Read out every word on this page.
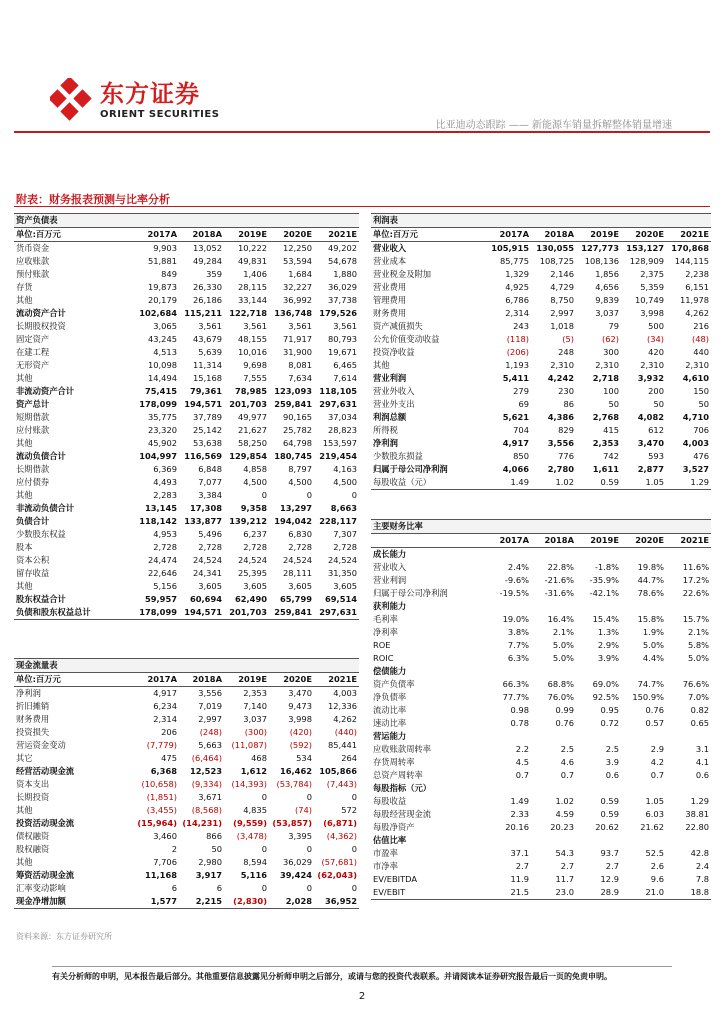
东方证券
ORIENT SECURITIES
比亚迪动态跟踪 —— 新能源车销量拆解整体销量增速
附表：财务报表预测与比率分析
资产负债表					
单位:百万元	2017A	2018A	2019E	2020E	2021E
货币资金	9,903	13,052	10,222	12,250	49,202
应收账款	51,881	49,284	49,831	53,594	54,678
预付账款	849	359	1,406	1,684	1,880
存货	19,873	26,330	28,115	32,227	36,029
其他	20,179	26,186	33,144	36,992	37,738
流动资产合计	102,684	115,211	122,718	136,748	179,526
长期股权投资	3,065	3,561	3,561	3,561	3,561
固定资产	43,245	43,679	48,155	71,917	80,793
在建工程	4,513	5,639	10,016	31,900	19,671
无形资产	10,098	11,314	9,698	8,081	6,465
其他	14,494	15,168	7,555	7,634	7,614
非流动资产合计	75,415	79,361	78,985	123,093	118,105
资产总计	178,099	194,571	201,703	259,841	297,631
短期借款	35,775	37,789	49,977	90,165	37,034
应付账款	23,320	25,142	21,627	25,782	28,823
其他	45,902	53,638	58,250	64,798	153,597
流动负债合计	104,997	116,569	129,854	180,745	219,454
长期借款	6,369	6,848	4,858	8,797	4,163
应付债券	4,493	7,077	4,500	4,500	4,500
其他	2,283	3,384	0	0	0
非流动负债合计	13,145	17,308	9,358	13,297	8,663
负债合计	118,142	133,877	139,212	194,042	228,117
少数股东权益	4,953	5,496	6,237	6,830	7,307
股本	2,728	2,728	2,728	2,728	2,728
资本公积	24,474	24,524	24,524	24,524	24,524
留存收益	22,646	24,341	25,395	28,111	31,350
其他	5,156	3,605	3,605	3,605	3,605
股东权益合计	59,957	60,694	62,490	65,799	69,514
负债和股东权益总计	178,099	194,571	201,703	259,841	297,631
现金流量表					
单位:百万元	2017A	2018A	2019E	2020E	2021E
净利润	4,917	3,556	2,353	3,470	4,003
折旧摊销	6,234	7,019	7,140	9,473	12,336
财务费用	2,314	2,997	3,037	3,998	4,262
投资损失	206	(248)	(300)	(420)	(440)
营运资金变动	(7,779)	5,663	(11,087)	(592)	85,441
其它	475	(6,464)	468	534	264
经营活动现金流	6,368	12,523	1,612	16,462	105,866
资本支出	(10,658)	(9,334)	(14,393)	(53,784)	(7,443)
长期投资	(1,851)	3,671	0	0	0
其他	(3,455)	(8,568)	4,835	(74)	572
投资活动现金流	(15,964)	(14,231)	(9,559)	(53,857)	(6,871)
债权融资	3,460	866	(3,478)	3,395	(4,362)
股权融资	2	50	0	0	0
其他	7,706	2,980	8,594	36,029	(57,681)
筹资活动现金流	11,168	3,917	5,116	39,424	(62,043)
汇率变动影响	6	6	0	0	0
现金净增加额	1,577	2,215	(2,830)	2,028	36,952
利润表					
单位:百万元	2017A	2018A	2019E	2020E	2021E
营业收入	105,915	130,055	127,773	153,127	170,868
营业成本	85,775	108,725	108,136	128,909	144,115
营业税金及附加	1,329	2,146	1,856	2,375	2,238
营业费用	4,925	4,729	4,656	5,359	6,151
管理费用	6,786	8,750	9,839	10,749	11,978
财务费用	2,314	2,997	3,037	3,998	4,262
资产减值损失	243	1,018	79	500	216
公允价值变动收益	(118)	(5)	(62)	(34)	(48)
投资净收益	(206)	248	300	420	440
其他	1,193	2,310	2,310	2,310	2,310
营业利润	5,411	4,242	2,718	3,932	4,610
营业外收入	279	230	100	200	150
营业外支出	69	86	50	50	50
利润总额	5,621	4,386	2,768	4,082	4,710
所得税	704	829	415	612	706
净利润	4,917	3,556	2,353	3,470	4,003
少数股东损益	850	776	742	593	476
归属于母公司净利润	4,066	2,780	1,611	2,877	3,527
每股收益（元）	1.49	1.02	0.59	1.05	1.29
主要财务比率					
	2017A	2018A	2019E	2020E	2021E
成长能力					
营业收入	2.4%	22.8%	-1.8%	19.8%	11.6%
营业利润	-9.6%	-21.6%	-35.9%	44.7%	17.2%
归属于母公司净利润	-19.5%	-31.6%	-42.1%	78.6%	22.6%
获利能力					
毛利率	19.0%	16.4%	15.4%	15.8%	15.7%
净利率	3.8%	2.1%	1.3%	1.9%	2.1%
ROE	7.7%	5.0%	2.9%	5.0%	5.8%
ROIC	6.3%	5.0%	3.9%	4.4%	5.0%
偿债能力					
资产负债率	66.3%	68.8%	69.0%	74.7%	76.6%
净负债率	77.7%	76.0%	92.5%	150.9%	7.0%
流动比率	0.98	0.99	0.95	0.76	0.82
速动比率	0.78	0.76	0.72	0.57	0.65
营运能力					
应收账款周转率	2.2	2.5	2.5	2.9	3.1
存货周转率	4.5	4.6	3.9	4.2	4.1
总资产周转率	0.7	0.7	0.6	0.7	0.6
每股指标（元）					
每股收益	1.49	1.02	0.59	1.05	1.29
每股经营现金流	2.33	4.59	0.59	6.03	38.81
每股净资产	20.16	20.23	20.62	21.62	22.80
估值比率					
市盈率	37.1	54.3	93.7	52.5	42.8
市净率	2.7	2.7	2.7	2.6	2.4
EV/EBITDA	11.9	11.7	12.9	9.6	7.8
EV/EBIT	21.5	23.0	28.9	21.0	18.8
资料来源：东方证券研究所
有关分析师的申明，见本报告最后部分。其他重要信息披露见分析师申明之后部分，或请与您的投资代表联系。并请阅读本证券研究报告最后一页的免责申明。
2
